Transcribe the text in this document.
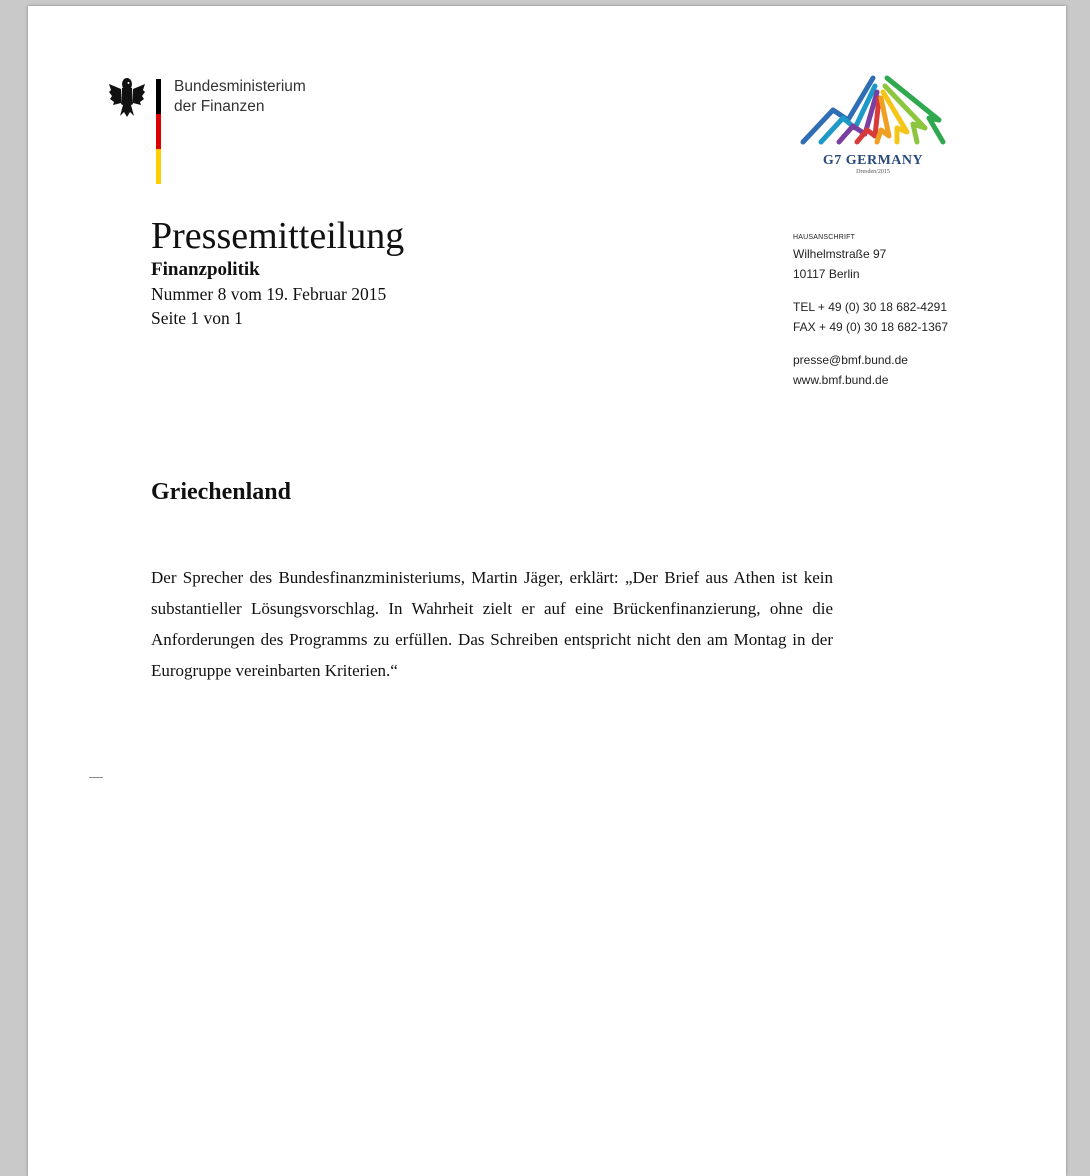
Bundesministerium
der Finanzen
G7 GERMANY
Dresden/2015
Pressemitteilung
Finanzpolitik
Nummer 8 vom 19. Februar 2015
Seite 1 von 1
HAUSANSCHRIFT
Wilhelmstraße 97
10117 Berlin
TEL + 49 (0) 30 18 682-4291
FAX + 49 (0) 30 18 682-1367
presse@bmf.bund.de
www.bmf.bund.de
Griechenland
Der Sprecher des Bundesfinanzministeriums, Martin Jäger, erklärt: „Der Brief aus Athen ist kein substantieller Lösungsvorschlag. In Wahrheit zielt er auf eine Brückenfinanzierung, ohne die Anforderungen des Programms zu erfüllen. Das Schreiben entspricht nicht den am Montag in der Eurogruppe vereinbarten Kriterien.“
